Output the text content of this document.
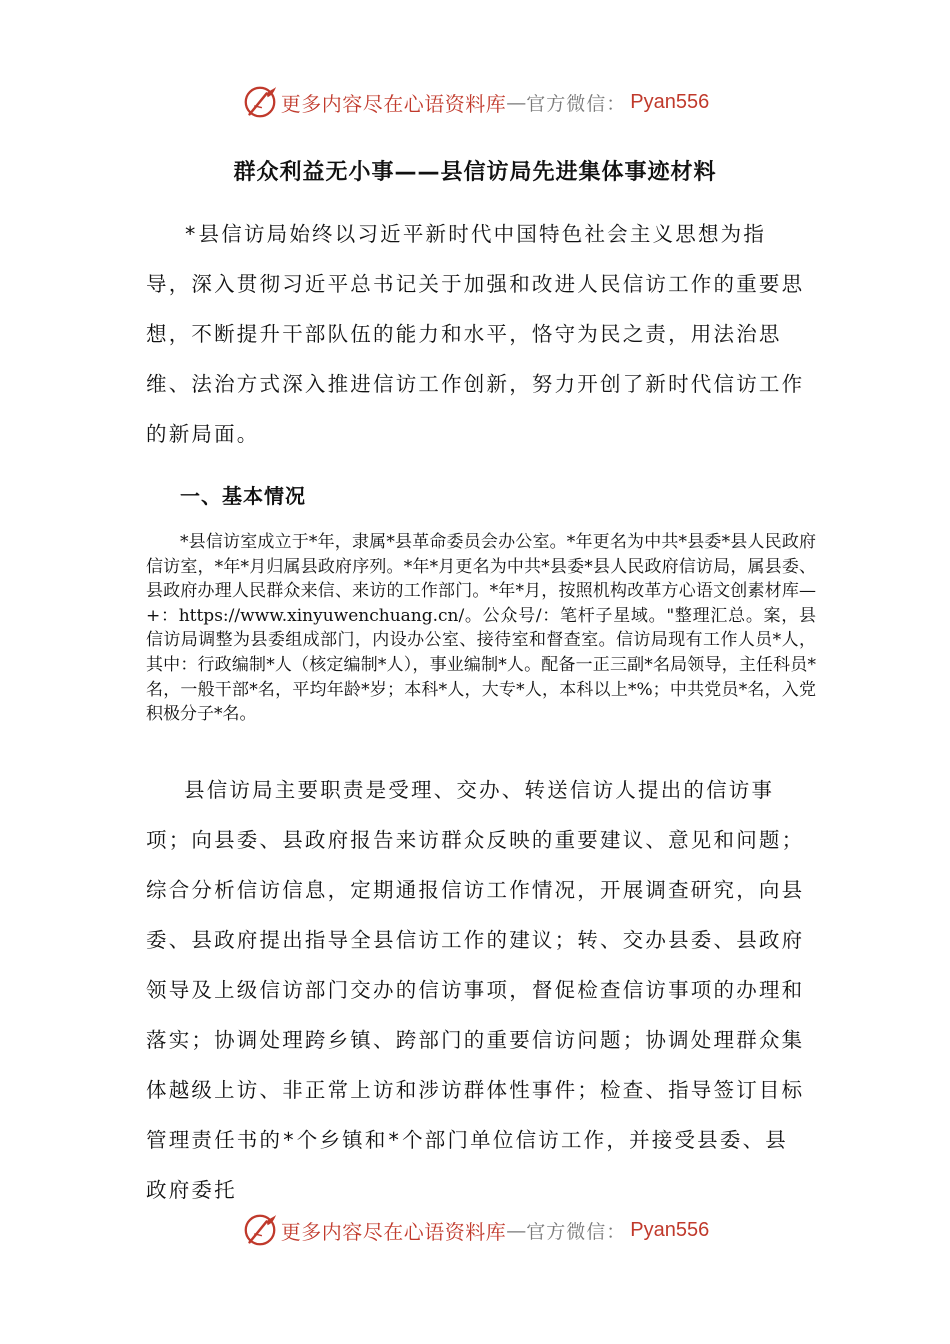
更多内容尽在心语资料库 — 官方微信： Pyan556
群众利益无小事——县信访局先进集体事迹材料

*县信访局始终以习近平新时代中国特色社会主义思想为指导，深入贯彻习近平总书记关于加强和改进人民信访工作的重要思想，不断提升干部队伍的能力和水平，恪守为民之责，用法治思维、法治方式深入推进信访工作创新，努力开创了新时代信访工作的新局面。

一、基本情况

*县信访室成立于*年，隶属*县革命委员会办公室。*年更名为中共*县委*县人民政府信访室，*年*月归属县政府序列。*年*月更名为中共*县委*县人民政府信访局，属县委、县政府办理人民群众来信、来访的工作部门。*年*月，按照机构改革方心语文创素材库—+：https://www.xinyuwenchuang.cn/。公众号/：笔杆子星域。"整理汇总。案，县信访局调整为县委组成部门，内设办公室、接待室和督查室。信访局现有工作人员*人，其中：行政编制*人（核定编制*人），事业编制*人。配备一正三副*名局领导，主任科员*名，一般干部*名，平均年龄*岁；本科*人，大专*人，本科以上*%；中共党员*名，入党积极分子*名。

县信访局主要职责是受理、交办、转送信访人提出的信访事项；向县委、县政府报告来访群众反映的重要建议、意见和问题；综合分析信访信息，定期通报信访工作情况，开展调查研究，向县委、县政府提出指导全县信访工作的建议；转、交办县委、县政府领导及上级信访部门交办的信访事项，督促检查信访事项的办理和落实；协调处理跨乡镇、跨部门的重要信访问题；协调处理群众集体越级上访、非正常上访和涉访群体性事件；检查、指导签订目标管理责任书的*个乡镇和*个部门单位信访工作，并接受县委、县政府委托

更多内容尽在心语资料库 — 官方微信： Pyan556
